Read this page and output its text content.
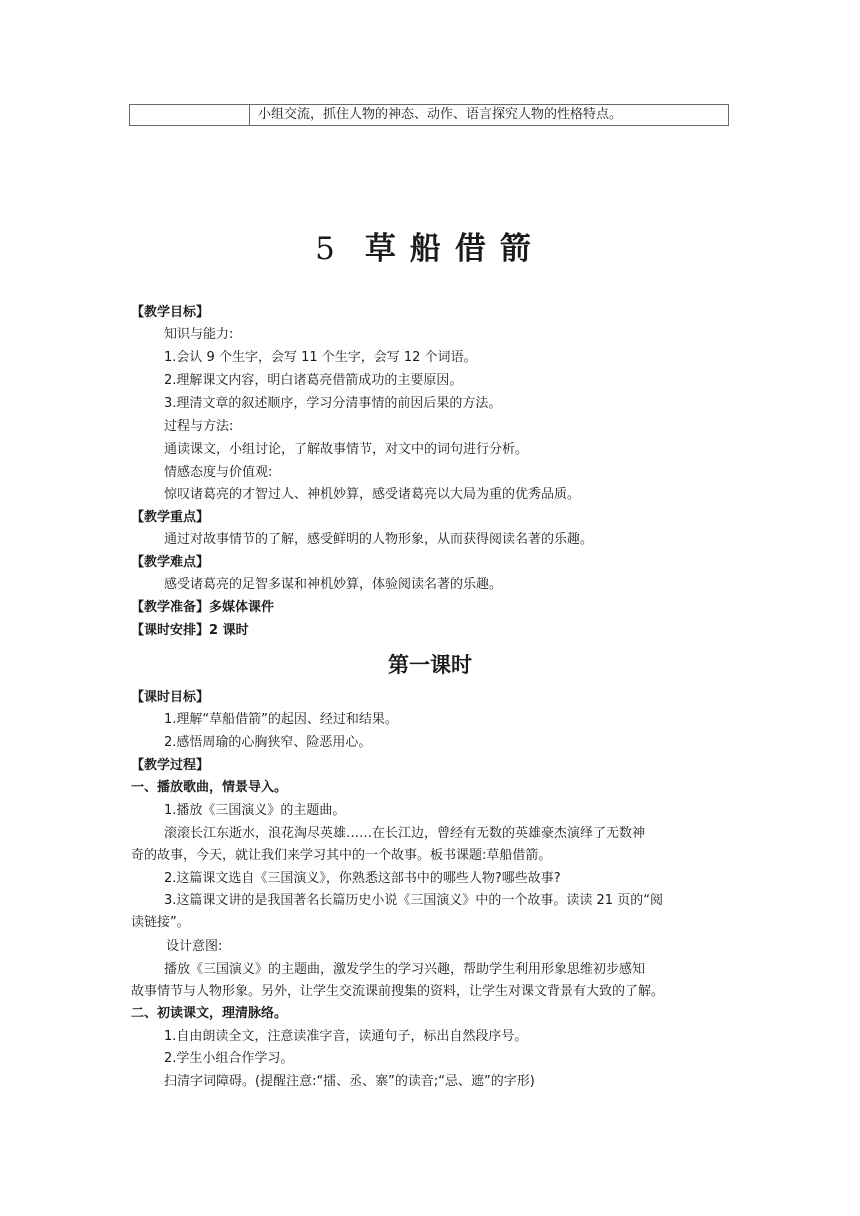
小组交流，抓住人物的神态、动作、语言探究人物的性格特点。
5 草船借箭
【教学目标】
知识与能力:
1.会认 9 个生字，会写 11 个生字，会写 12 个词语。
2.理解课文内容，明白诸葛亮借箭成功的主要原因。
3.理清文章的叙述顺序，学习分清事情的前因后果的方法。
过程与方法:
通读课文，小组讨论，了解故事情节，对文中的词句进行分析。
情感态度与价值观:
惊叹诸葛亮的才智过人、神机妙算，感受诸葛亮以大局为重的优秀品质。
【教学重点】
通过对故事情节的了解，感受鲜明的人物形象，从而获得阅读名著的乐趣。
【教学难点】
感受诸葛亮的足智多谋和神机妙算，体验阅读名著的乐趣。
【教学准备】多媒体课件
【课时安排】2 课时
【课时目标】
1.理解“草船借箭”的起因、经过和结果。
2.感悟周瑜的心胸狭窄、险恶用心。
【教学过程】
一、播放歌曲，情景导入。
1.播放《三国演义》的主题曲。
滚滚长江东逝水，浪花淘尽英雄……在长江边，曾经有无数的英雄豪杰演绎了无数神
奇的故事，今天，就让我们来学习其中的一个故事。板书课题:草船借箭。
2.这篇课文选自《三国演义》，你熟悉这部书中的哪些人物?哪些故事?
3.这篇课文讲的是我国著名长篇历史小说《三国演义》中的一个故事。读读 21 页的“阅
读链接”。
设计意图:
播放《三国演义》的主题曲，激发学生的学习兴趣，帮助学生利用形象思维初步感知
故事情节与人物形象。另外，让学生交流课前搜集的资料，让学生对课文背景有大致的了解。
二、初读课文，理清脉络。
1.自由朗读全文，注意读准字音，读通句子，标出自然段序号。
2.学生小组合作学习。
扫清字词障碍。(提醒注意:“擂、丞、寨”的读音;“忌、遮”的字形)
第一课时
